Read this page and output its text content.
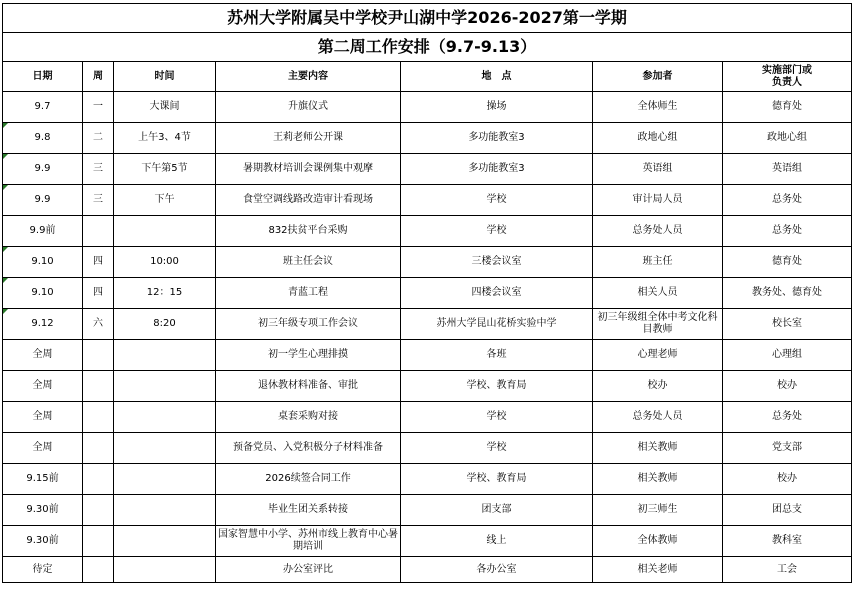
苏州大学附属吴中学校尹山湖中学2026-2027第一学期						
第二周工作安排（9.7-9.13）						
日期	周	时间	主要内容	地　点	参加者	实施部门或
负责人
9.7	一	大课间	升旗仪式	操场	全体师生	德育处
9.8	二	上午3、4节	王莉老师公开课	多功能教室3	政地心组	政地心组
9.9	三	下午第5节	暑期教材培训会课例集中观摩	多功能教室3	英语组	英语组
9.9	三	下午	食堂空调线路改造审计看现场	学校	审计局人员	总务处
9.9前			832扶贫平台采购	学校	总务处人员	总务处
9.10	四	10:00	班主任会议	三楼会议室	班主任	德育处
9.10	四	12：15	青蓝工程	四楼会议室	相关人员	教务处、德育处
9.12	六	8:20	初三年级专项工作会议	苏州大学昆山花桥实验中学	初三年级组全体中考文化科目教师	校长室
全周			初一学生心理排摸	各班	心理老师	心理组
全周			退休教材料准备、审批	学校、教育局	校办	校办
全周			桌套采购对接	学校	总务处人员	总务处
全周			预备党员、入党积极分子材料准备	学校	相关教师	党支部
9.15前			2026续签合同工作	学校、教育局	相关教师	校办
9.30前			毕业生团关系转接	团支部	初三师生	团总支
9.30前			国家智慧中小学、苏州市线上教育中心暑期培训	线上	全体教师	教科室
待定			办公室评比	各办公室	相关老师	工会
